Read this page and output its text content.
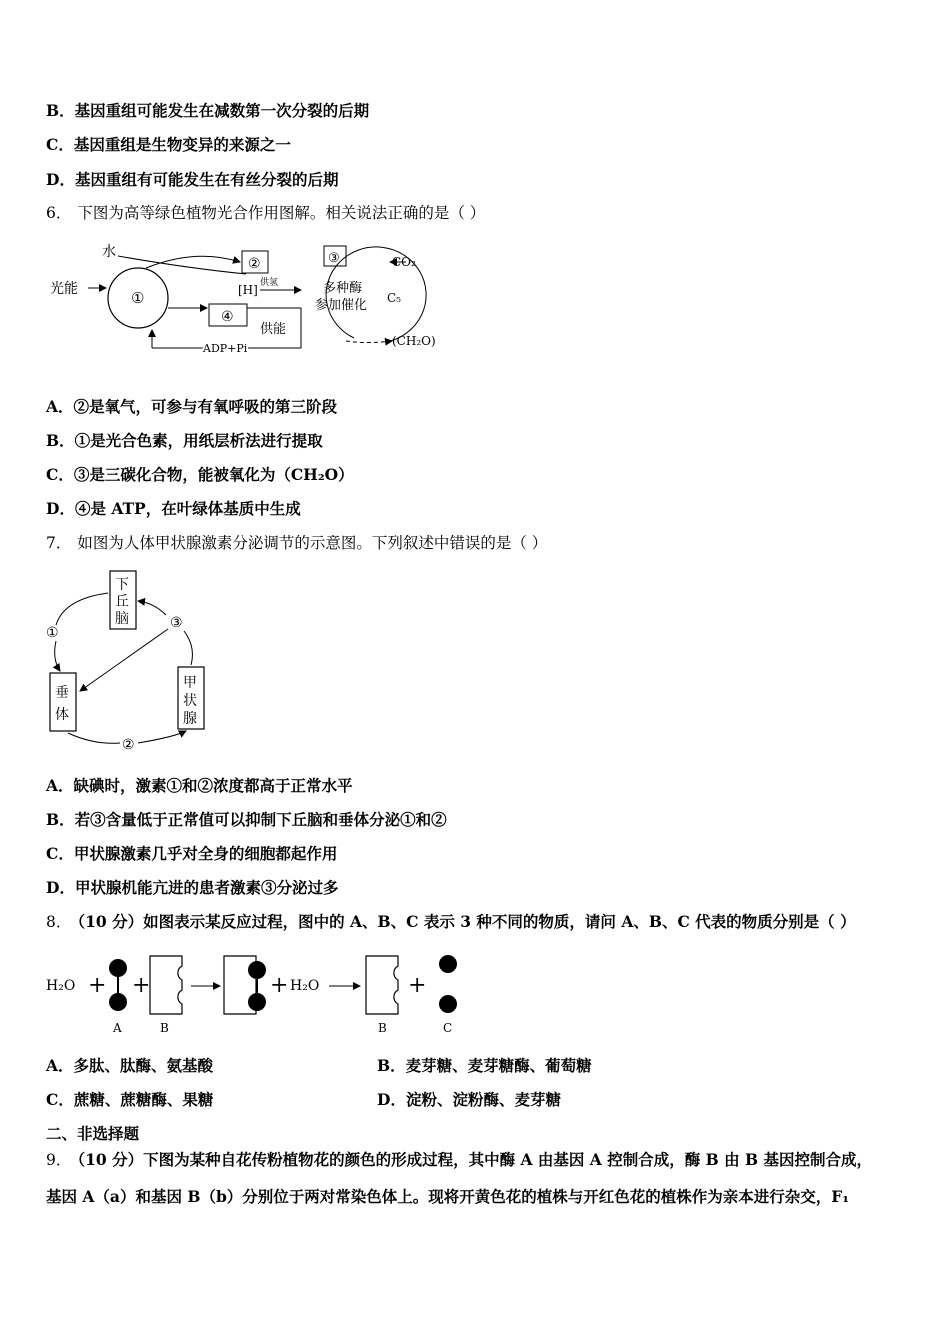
B．基因重组可能发生在减数第一次分裂的后期
C．基因重组是生物变异的来源之一
D．基因重组有可能发生在有丝分裂的后期
6． 下图为高等绿色植物光合作用图解。相关说法正确的是（ ）
光能	①
水
②
[H] 供氢
④
供能
ADP+Pi
③
多种酶
参加催化
CO₂
C₅
(CH₂O)
A．②是氧气，可参与有氧呼吸的第三阶段
B．①是光合色素，用纸层析法进行提取
C．③是三碳化合物，能被氧化为（CH₂O）
D．④是 ATP，在叶绿体基质中生成
7． 如图为人体甲状腺激素分泌调节的示意图。下列叙述中错误的是（ ）
下
丘
脑
垂
体
甲
状
腺
①
②
③
A．缺碘时，激素①和②浓度都高于正常水平
B．若③含量低于正常值可以抑制下丘脑和垂体分泌①和②
C．甲状腺激素几乎对全身的细胞都起作用
D．甲状腺机能亢进的患者激素③分泌过多
8． （10 分）如图表示某反应过程，图中的 A、B、C 表示 3 种不同的物质，请问 A、B、C 代表的物质分别是（ ）
H₂O +
A
+
B
+ H₂O
B
+
C
A．多肽、肽酶、氨基酸	B．麦芽糖、麦芽糖酶、葡萄糖
C．蔗糖、蔗糖酶、果糖	D．淀粉、淀粉酶、麦芽糖
二、非选择题
9． （10 分）下图为某种自花传粉植物花的颜色的形成过程，其中酶 A 由基因 A 控制合成，酶 B 由 B 基因控制合成，
基因 A（a）和基因 B（b）分别位于两对常染色体上。现将开黄色花的植株与开红色花的植株作为亲本进行杂交，F₁
